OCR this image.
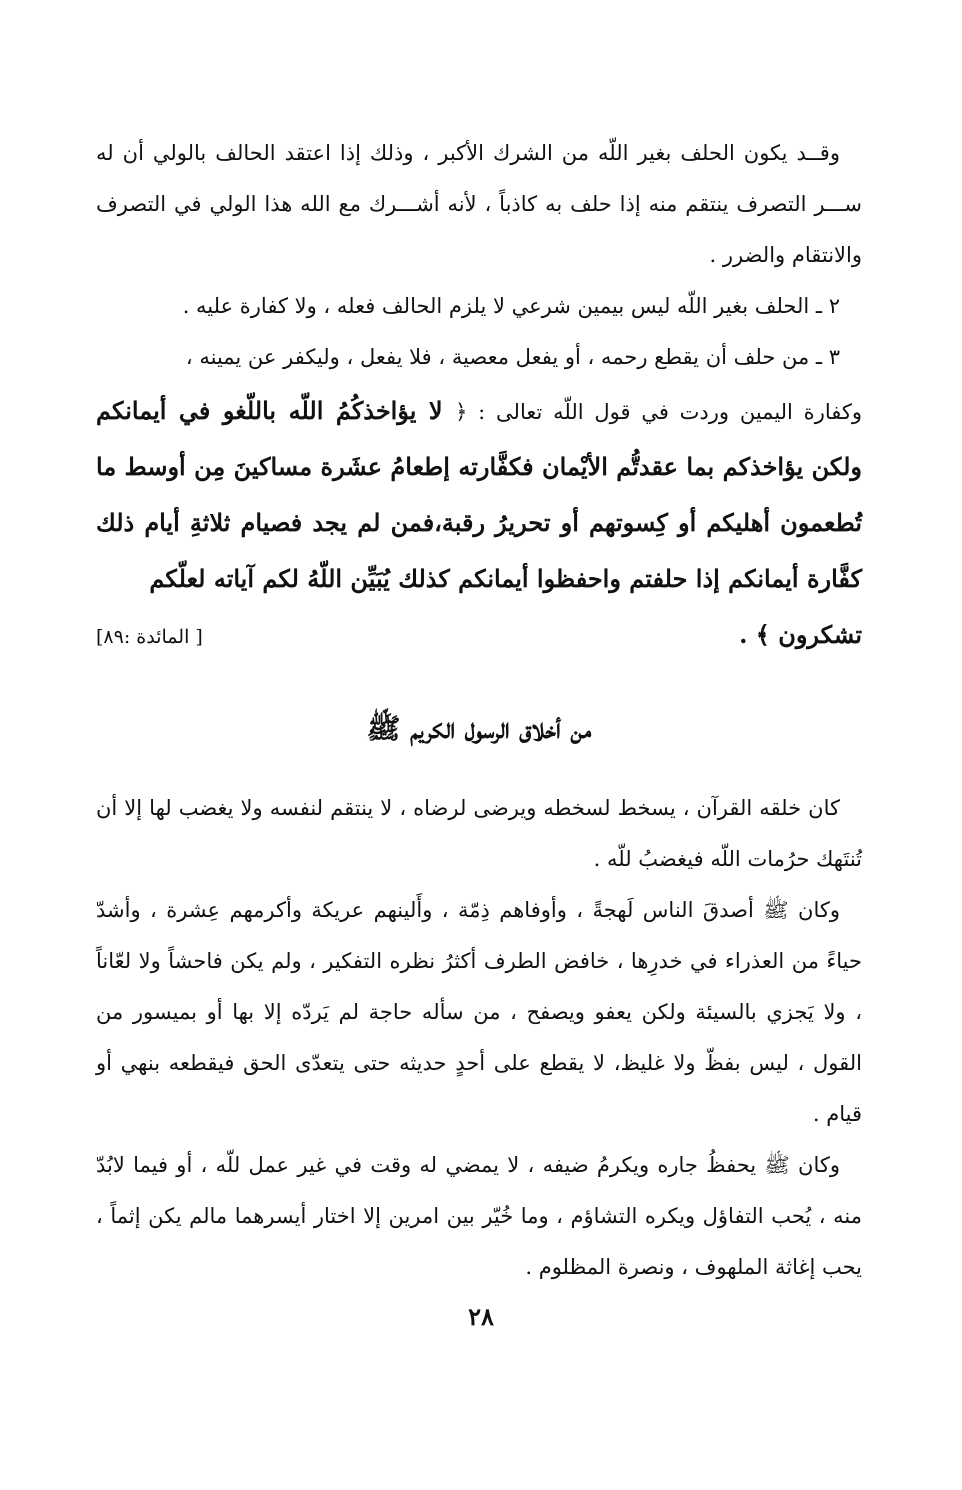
وقــد يكون الحلف بغير اللّه من الشرك الأكبر ، وذلك إذا اعتقد الحالف بالولي أن له ســـر التصرف ينتقم منه إذا حلف به كاذباً ، لأنه أشـــرك مع الله هذا الولي في التصرف والانتقام والضرر .

٢ ـ الحلف بغير اللّه ليس بيمين شرعي لا يلزم الحالف فعله ، ولا كفارة عليه .

٣ ـ من حلف أن يقطع رحمه ، أو يفعل معصية ، فلا يفعل ، وليكفر عن يمينه ،

وكفارة اليمين وردت في قول اللّه تعالى : ﴿ لا يؤاخذكُمُ اللّه باللّغو في أيمانكم ولكن يؤاخذكم بما عقدتُّم الأيْمان فكفَّارته إطعامُ عشَرة مساكينَ مِن أوسط ما تُطعمون أهليكم أو كِسوتهم أو تحريرُ رقبة،فمن لم يجد فصيام ثلاثةِ أيام ذلك كفَّارة أيمانكم إذا حلفتم واحفظوا أيمانكم كذلك يُبَيِّن اللّهُ لكم آياته لعلّكم

تشكرون ﴾ .
[ المائدة :٨٩]
من أخلاق الرسول الكريم ﷺ

كان خلقه القرآن ، يسخط لسخطه ويرضى لرضاه ، لا ينتقم لنفسه ولا يغضب لها إلا أن تُنتَهك حرُمات اللّه فيغضبُ للّه .

وكان ﷺ أصدقَ الناس لَهجةً ، وأوفاهم ذِمّة ، وأَلينهم عريكة وأكرمهم عِشرة ، وأشدّ حياءً من العذراء في خدرِها ، خافض الطرف أكثرُ نظره التفكير ، ولم يكن فاحشاً ولا لعّاناً ، ولا يَجزي بالسيئة ولكن يعفو ويصفح ، من سأله حاجة لم يَردّه إلا بها أو بميسور من القول ، ليس بفظّ ولا غليظ، لا يقطع على أحدٍ حديثه حتى يتعدّى الحق فيقطعه بنهي أو قيام .

وكان ﷺ يحفظُ جاره ويكرمُ ضيفه ، لا يمضي له وقت في غير عمل للّه ، أو فيما لابُدّ منه ، يُحب التفاؤل ويكره التشاؤم ، وما خُيّر بين امرين إلا اختار أيسرهما مالم يكن إثماً ، يحب إغاثة الملهوف ، ونصرة المظلوم .

٢٨
